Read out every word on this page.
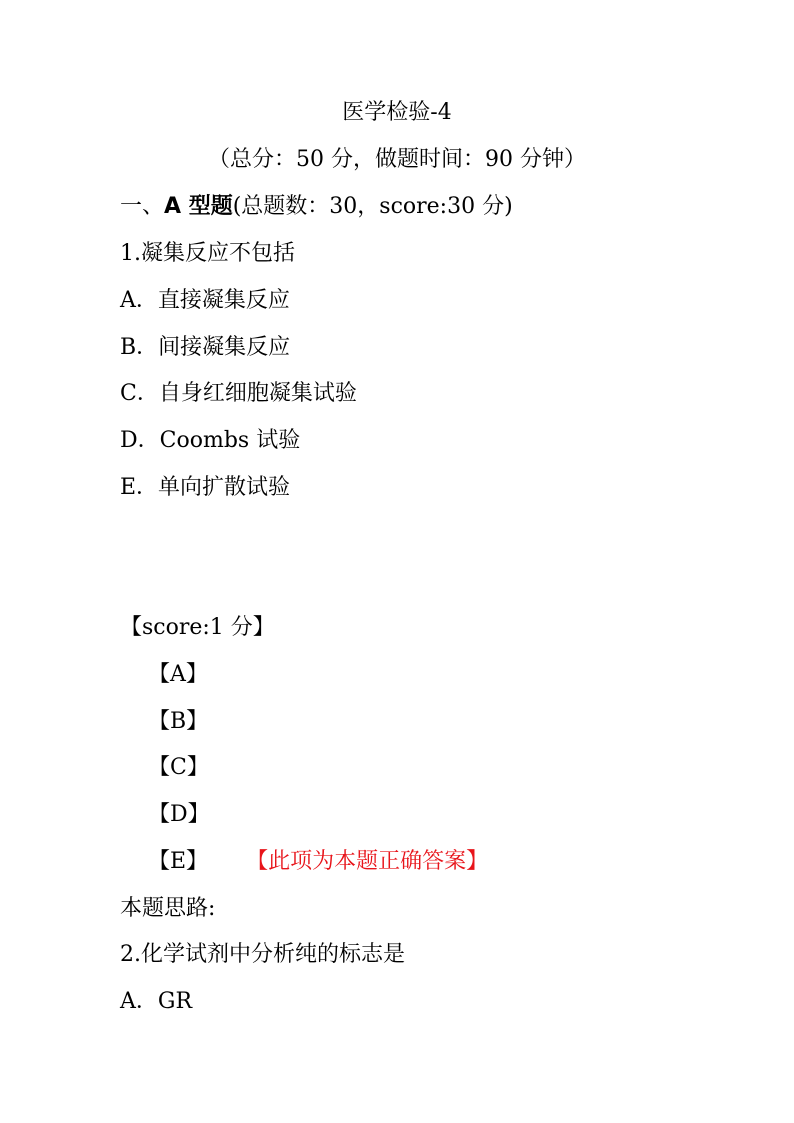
医学检验-4
（总分：50 分，做题时间：90 分钟）
一、A 型题(总题数：30，score:30 分)
1.凝集反应不包括
A．直接凝集反应
B．间接凝集反应
C．自身红细胞凝集试验
D．Coombs 试验
E．单向扩散试验
【score:1 分】
【A】
【B】
【C】
【D】
【E】 【此项为本题正确答案】
本题思路:
2.化学试剂中分析纯的标志是
A．GR
